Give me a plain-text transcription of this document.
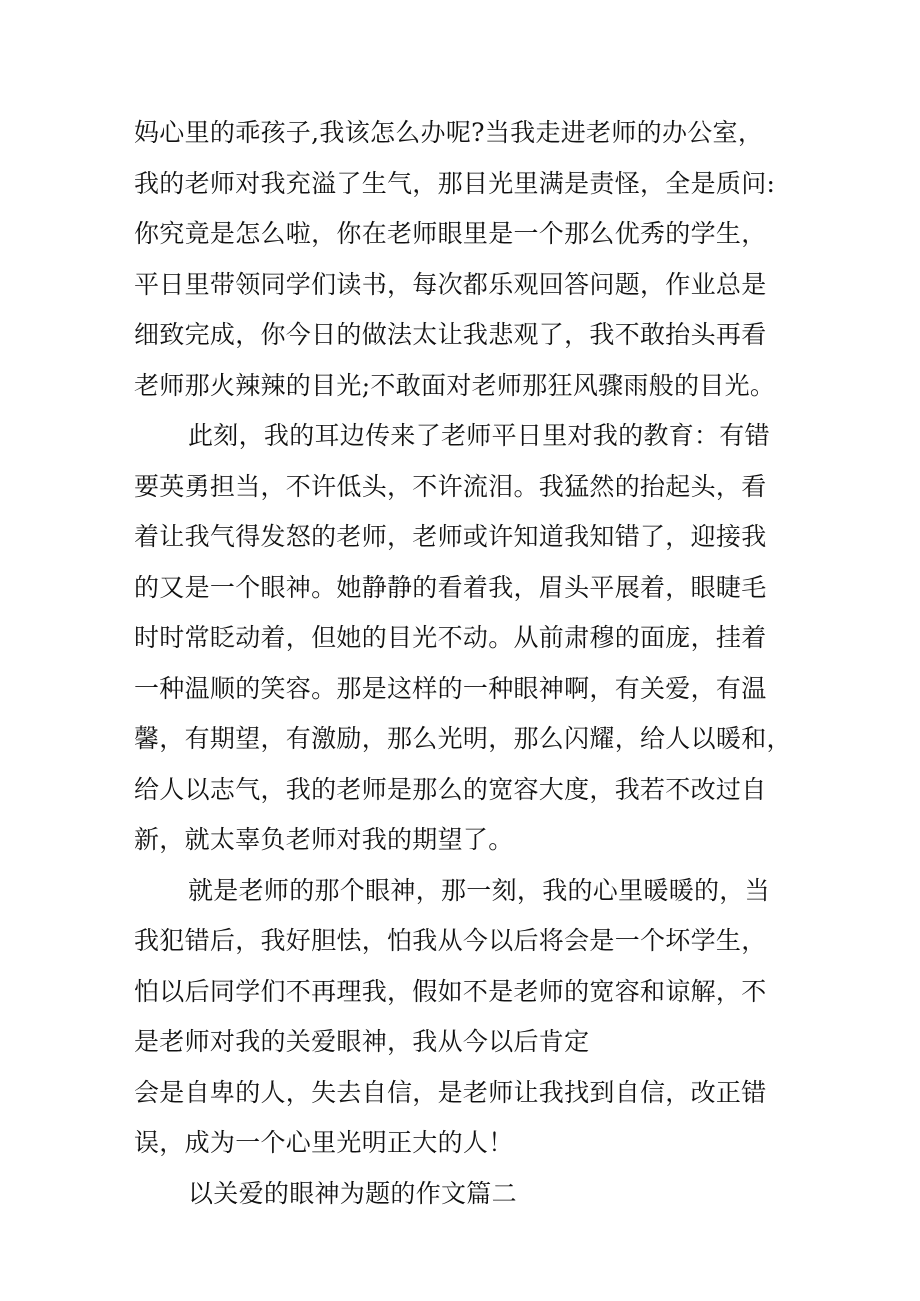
妈心里的乖孩子,我该怎么办呢?当我走进老师的办公室，
我的老师对我充溢了生气，那目光里满是责怪，全是质问:
你究竟是怎么啦，你在老师眼里是一个那么优秀的学生，
平日里带领同学们读书，每次都乐观回答问题，作业总是
细致完成，你今日的做法太让我悲观了，我不敢抬头再看
老师那火辣辣的目光;不敢面对老师那狂风骤雨般的目光。
此刻，我的耳边传来了老师平日里对我的教育：有错
要英勇担当，不许低头，不许流泪。我猛然的抬起头，看
着让我气得发怒的老师，老师或许知道我知错了，迎接我
的又是一个眼神。她静静的看着我，眉头平展着，眼睫毛
时时常眨动着，但她的目光不动。从前肃穆的面庞，挂着
一种温顺的笑容。那是这样的一种眼神啊，有关爱，有温
馨，有期望，有激励，那么光明，那么闪耀，给人以暖和，
给人以志气，我的老师是那么的宽容大度，我若不改过自
新，就太辜负老师对我的期望了。
就是老师的那个眼神，那一刻，我的心里暖暖的，当
我犯错后，我好胆怯，怕我从今以后将会是一个坏学生，
怕以后同学们不再理我，假如不是老师的宽容和谅解，不
是老师对我的关爱眼神，我从今以后肯定
会是自卑的人，失去自信，是老师让我找到自信，改正错
误，成为一个心里光明正大的人！
以关爱的眼神为题的作文篇二
